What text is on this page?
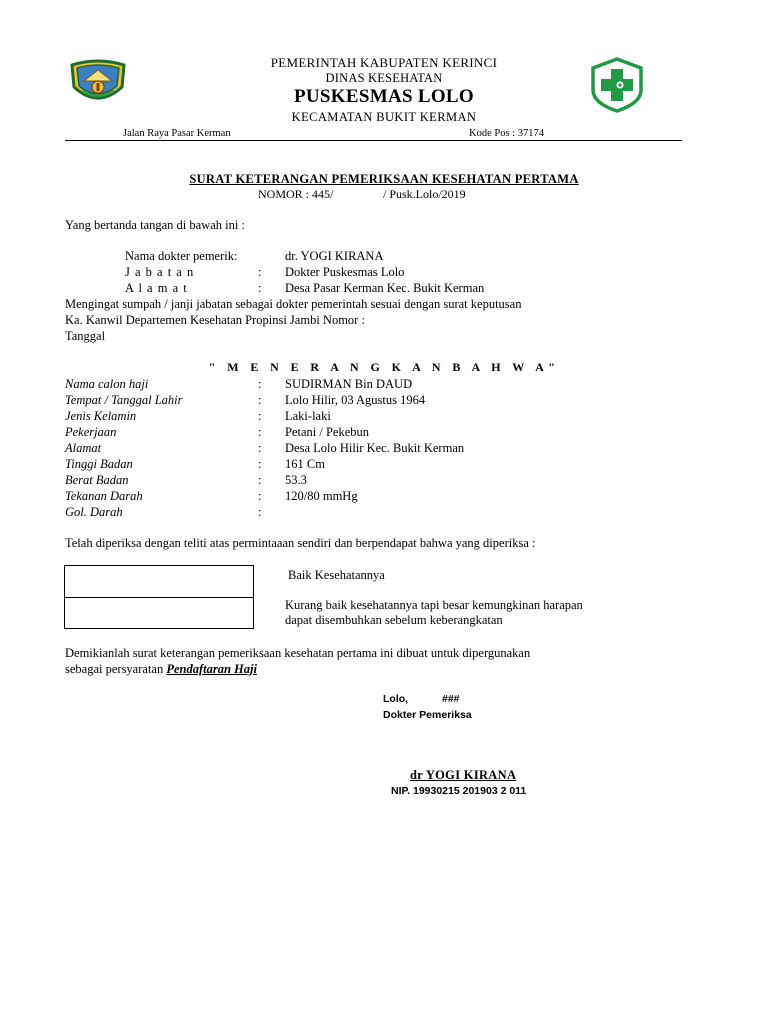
PEMERINTAH KABUPATEN KERINCI
DINAS KESEHATAN
PUSKESMAS LOLO
KECAMATAN BUKIT KERMAN
Jalan Raya Pasar Kerman	Kode Pos : 37174
SURAT KETERANGAN PEMERIKSAAN KESEHATAN PERTAMA
NOMOR : 445/	/ Pusk.Lolo/2019
Yang bertanda tangan di bawah ini :
Nama dokter pemerik:	dr. YOGI KIRANA
J a b a t a n	: Dokter Puskesmas Lolo
A l a m a t	: Desa Pasar Kerman Kec. Bukit Kerman
Mengingat sumpah / janji jabatan sebagai dokter pemerintah sesuai dengan surat keputusan
Ka. Kanwil Departemen Kesehatan Propinsi Jambi Nomor :
Tanggal
" M E N E R A N G K A N B A H W A"
Nama calon haji	: SUDIRMAN Bin DAUD
Tempat / Tanggal Lahir	: Lolo Hilir, 03 Agustus 1964
Jenis Kelamin	: Laki-laki
Pekerjaan	: Petani / Pekebun
Alamat	: Desa Lolo Hilir Kec. Bukit Kerman
Tinggi Badan	: 161 Cm
Berat Badan	: 53.3
Tekanan Darah	: 120/80 mmHg
Gol. Darah	:
Telah diperiksa dengan teliti atas permintaaan sendiri dan berpendapat bahwa yang diperiksa :
Baik Kesehatannya
Kurang baik kesehatannya tapi besar kemungkinan harapan
dapat disembuhkan sebelum keberangkatan
Demikianlah surat keterangan pemeriksaan kesehatan pertama ini dibuat untuk dipergunakan
sebagai persyaratan Pendaftaran Haji
Lolo,	###
Dokter Pemeriksa
dr YOGI KIRANA
NIP. 19930215 201903 2 011
